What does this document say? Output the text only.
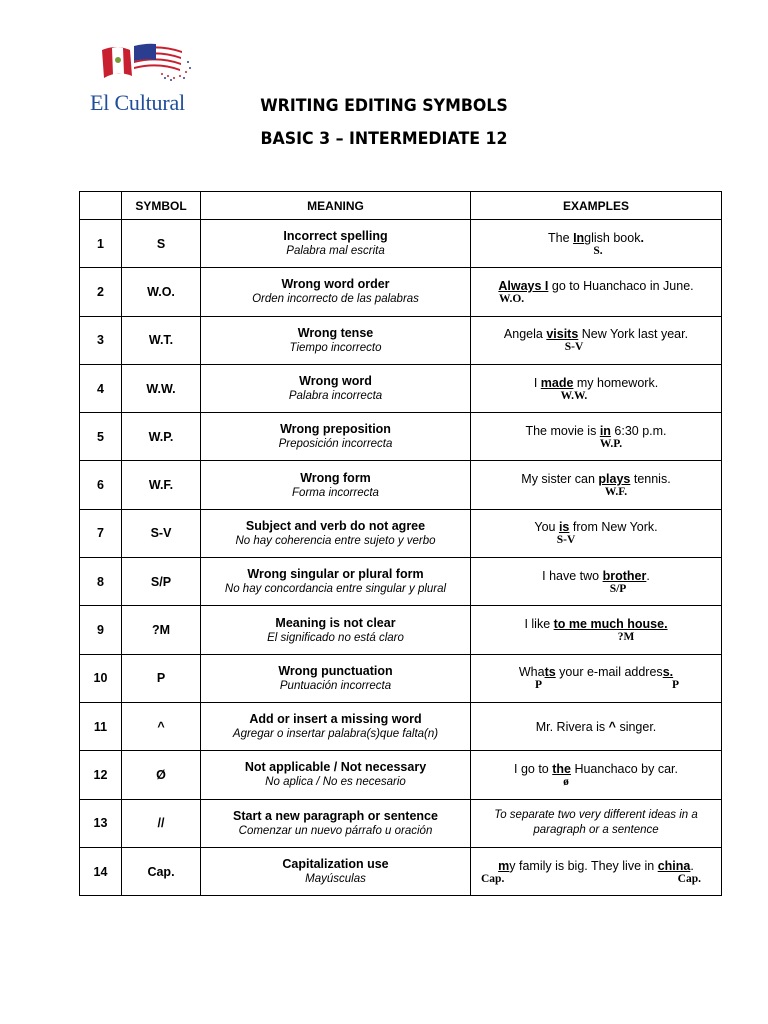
El Cultural	WRITING EDITING SYMBOLS
BASIC 3 – INTERMEDIATE 12
	SYMBOL	MEANING	EXAMPLES
1	S	Incorrect spelling
Palabra mal escrita	The Inglish book.
S.

2	W.O.	Wrong word order
Orden incorrecto de las palabras	Always I go to Huanchaco in June.
W.O.

3	W.T.	Wrong tense
Tiempo incorrecto	Angela visits New York last year.
S-V

4	W.W.	Wrong word
Palabra incorrecta	I made my homework.
W.W.

5	W.P.	Wrong preposition
Preposición incorrecta	The movie is in 6:30 p.m.
W.P.

6	W.F.	Wrong form
Forma incorrecta	My sister can plays tennis.
W.F.

7	S-V	Subject and verb do not agree
No hay coherencia entre sujeto y verbo	You is from New York.
S-V

8	S/P	Wrong singular or plural form
No hay concordancia entre singular y plural	I have two brother.
S/P

9	?M	Meaning is not clear
El significado no está claro	I like to me much house.
?M

10	P	Wrong punctuation
Puntuación incorrecta	Whats your e-mail address.
P P

11	^	Add or insert a missing word
Agregar o insertar palabra(s)que falta(n)	Mr. Rivera is ^ singer.

12	Ø	Not applicable / Not necessary
No aplica / No es necesario	I go to the Huanchaco by car.
ø

13	//	Start a new paragraph or sentence
Comenzar un nuevo párrafo u oración	To separate two very different ideas in a
paragraph or a sentence

14	Cap.	Capitalization use
Mayúsculas	my family is big. They live in china.
Cap. Cap.
